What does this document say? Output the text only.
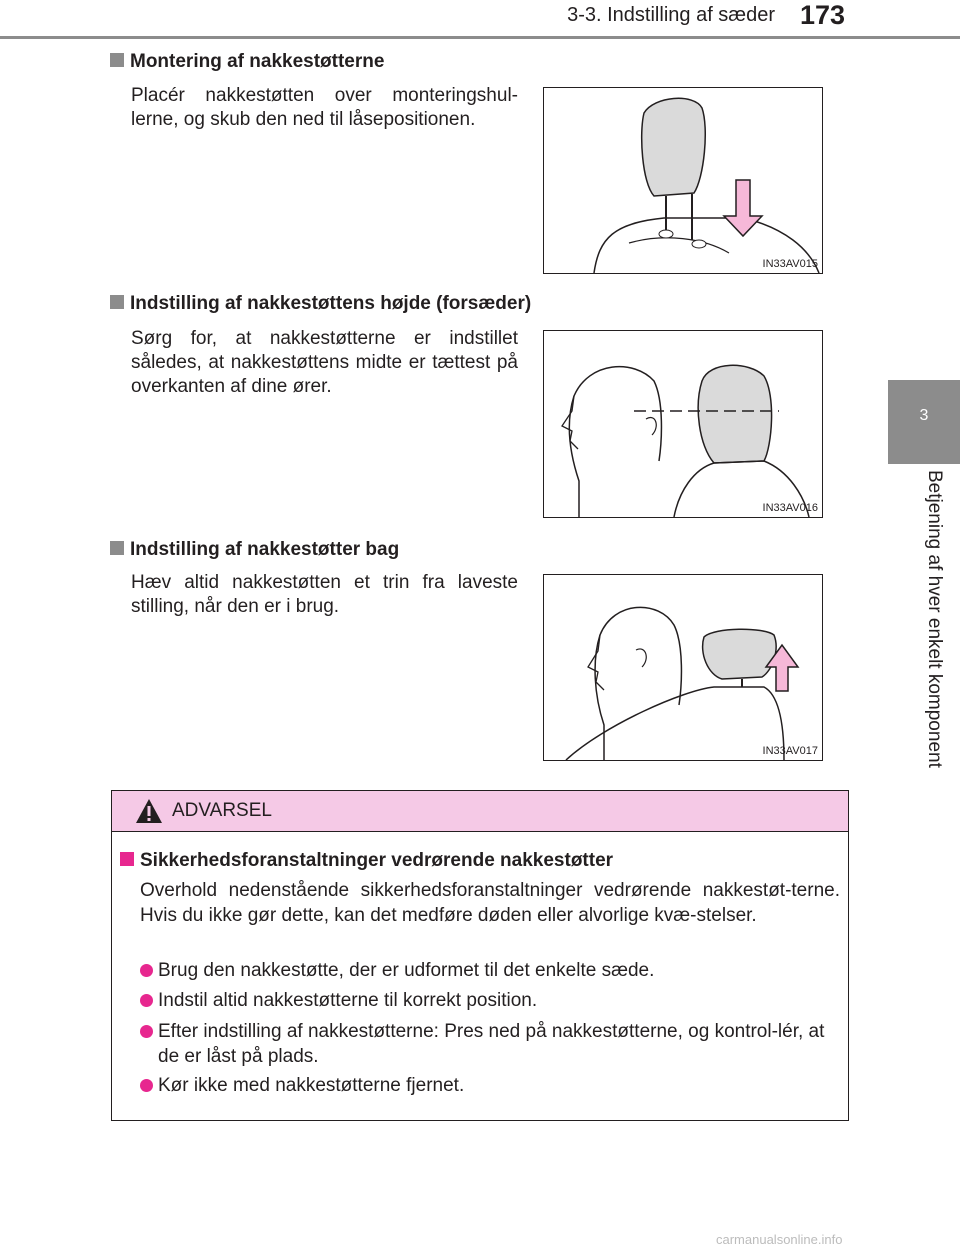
3-3. Indstilling af sæder 173
3
Betjening af hver enkelt komponent
Montering af nakkestøtterne
Placér nakkestøtten over monteringshul-lerne, og skub den ned til låsepositionen.
IN33AV015
Indstilling af nakkestøttens højde (forsæder)
Sørg for, at nakkestøtterne er indstillet således, at nakkestøttens midte er tættest på overkanten af dine ører.
IN33AV016
Indstilling af nakkestøtter bag
Hæv altid nakkestøtten et trin fra laveste stilling, når den er i brug.
IN33AV017
ADVARSEL
Sikkerhedsforanstaltninger vedrørende nakkestøtter
Overhold nedenstående sikkerhedsforanstaltninger vedrørende nakkestøt-terne. Hvis du ikke gør dette, kan det medføre døden eller alvorlige kvæ-stelser.
Brug den nakkestøtte, der er udformet til det enkelte sæde.
Indstil altid nakkestøtterne til korrekt position.
Efter indstilling af nakkestøtterne: Pres ned på nakkestøtterne, og kontrol-lér, at de er låst på plads.
Kør ikke med nakkestøtterne fjernet.
carmanualsonline.info
